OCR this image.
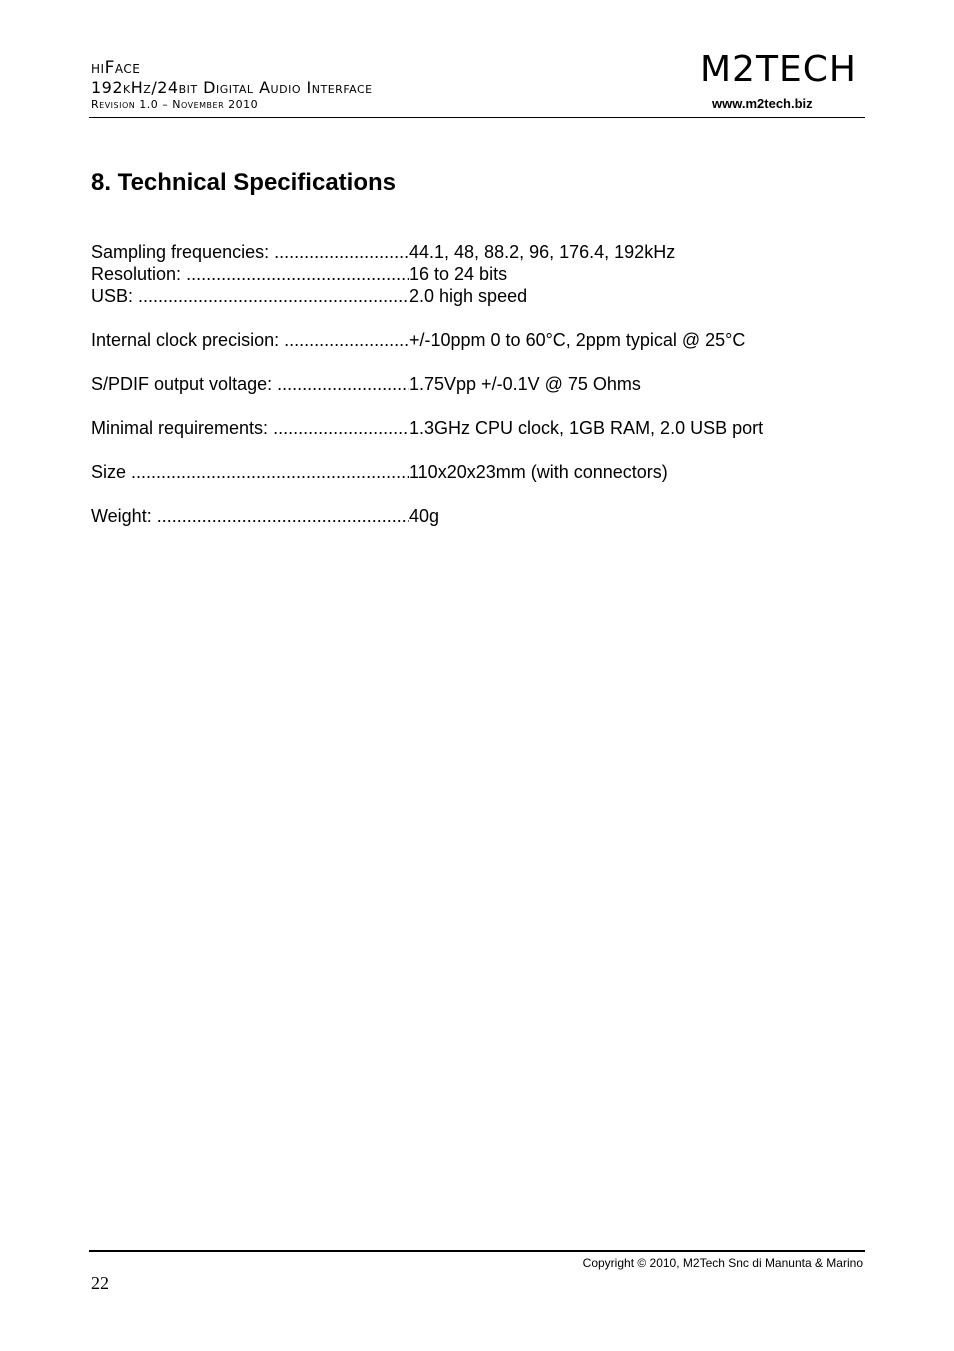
hiFace
192kHz/24bit Digital Audio Interface
Revision 1.0 – November 2010
M2TECH
www.m2tech.biz
8. Technical Specifications
Sampling frequencies: .....	44.1, 48, 88.2, 96, 176.4, 192kHz
Resolution: .....	16 to 24 bits
USB: .....	2.0 high speed
Internal clock precision: .....	+/-10ppm 0 to 60°C, 2ppm typical @ 25°C
S/PDIF output voltage: .....	1.75Vpp +/-0.1V @ 75 Ohms
Minimal requirements: .....	1.3GHz CPU clock, 1GB RAM, 2.0 USB port
Size .....	110x20x23mm (with connectors)
Weight: .....	40g
Copyright © 2010, M2Tech Snc di Manunta & Marino
22
